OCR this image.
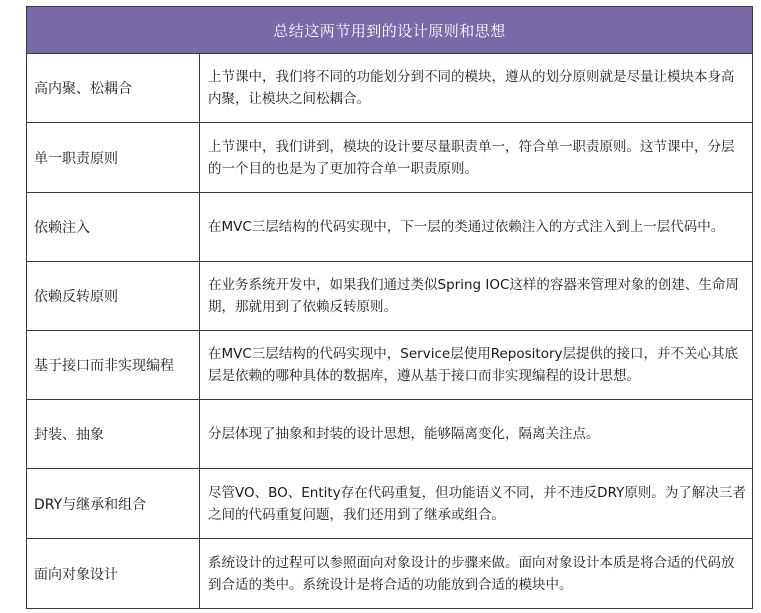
总结这两节用到的设计原则和思想
高内聚、松耦合
上节课中，我们将不同的功能划分到不同的模块，遵从的划分原则就是尽量让模块本身高内聚，让模块之间松耦合。
单一职责原则
上节课中，我们讲到，模块的设计要尽量职责单一，符合单一职责原则。这节课中，分层的一个目的也是为了更加符合单一职责原则。
依赖注入	在MVC三层结构的代码实现中，下一层的类通过依赖注入的方式注入到上一层代码中。
依赖反转原则
在业务系统开发中，如果我们通过类似Spring IOC这样的容器来管理对象的创建、生命周期，那就用到了依赖反转原则。
基于接口而非实现编程
在MVC三层结构的代码实现中，Service层使用Repository层提供的接口，并不关心其底层是依赖的哪种具体的数据库，遵从基于接口而非实现编程的设计思想。
封装、抽象	分层体现了抽象和封装的设计思想，能够隔离变化，隔离关注点。
DRY与继承和组合
尽管VO、BO、Entity存在代码重复，但功能语义不同，并不违反DRY原则。为了解决三者之间的代码重复问题，我们还用到了继承或组合。
面向对象设计
系统设计的过程可以参照面向对象设计的步骤来做。面向对象设计本质是将合适的代码放到合适的类中。系统设计是将合适的功能放到合适的模块中。
